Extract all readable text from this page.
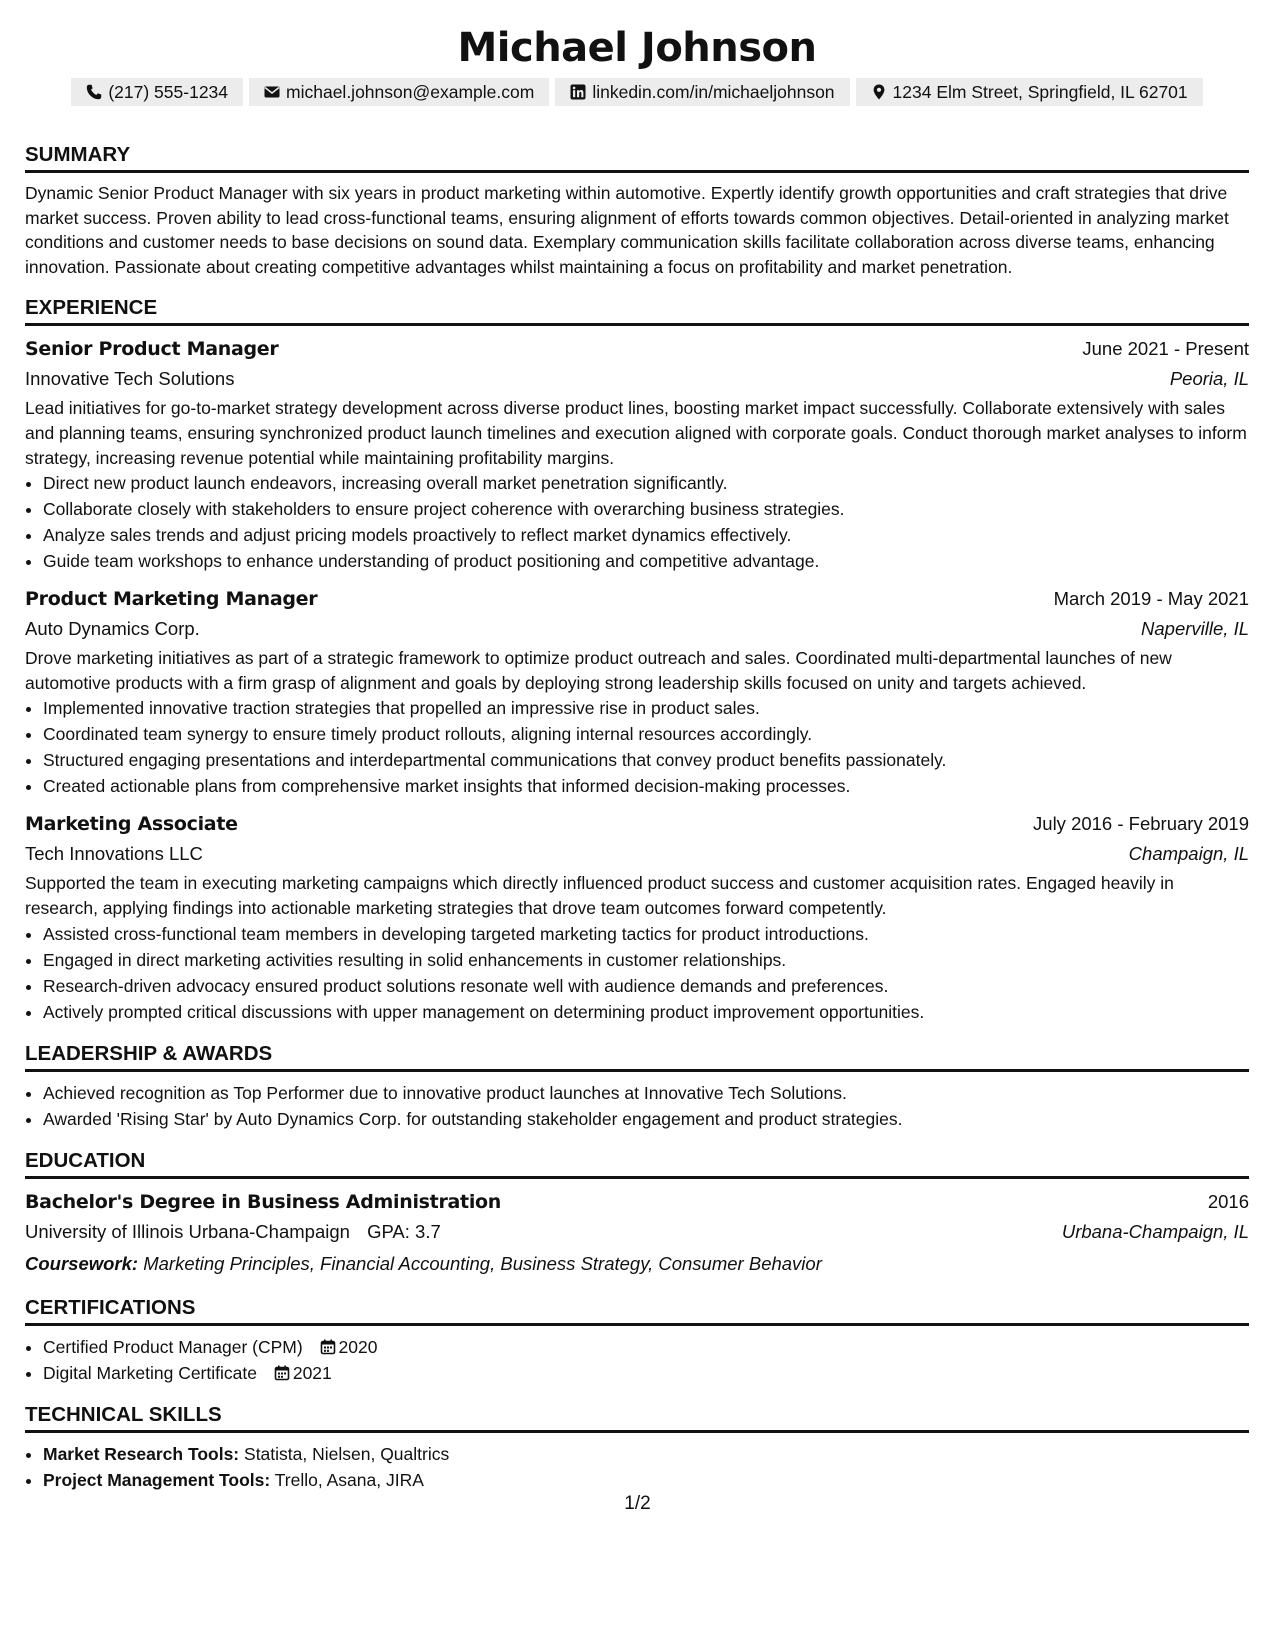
Michael Johnson
(217) 555-1234	michael.johnson@example.com	linkedin.com/in/michaeljohnson	1234 Elm Street, Springfield, IL 62701
SUMMARY

Dynamic Senior Product Manager with six years in product marketing within automotive. Expertly identify growth opportunities and craft strategies that drive market success. Proven ability to lead cross-functional teams, ensuring alignment of efforts towards common objectives. Detail-oriented in analyzing market conditions and customer needs to base decisions on sound data. Exemplary communication skills facilitate collaboration across diverse teams, enhancing innovation. Passionate about creating competitive advantages whilst maintaining a focus on profitability and market penetration.

EXPERIENCE
Senior Product Manager	June 2021 - Present
Innovative Tech Solutions	Peoria, IL

Lead initiatives for go-to-market strategy development across diverse product lines, boosting market impact successfully. Collaborate extensively with sales and planning teams, ensuring synchronized product launch timelines and execution aligned with corporate goals. Conduct thorough market analyses to inform strategy, increasing revenue potential while maintaining profitability margins.

• Direct new product launch endeavors, increasing overall market penetration significantly.
• Collaborate closely with stakeholders to ensure project coherence with overarching business strategies.
• Analyze sales trends and adjust pricing models proactively to reflect market dynamics effectively.
• Guide team workshops to enhance understanding of product positioning and competitive advantage.
Product Marketing Manager	March 2019 - May 2021
Auto Dynamics Corp.	Naperville, IL

Drove marketing initiatives as part of a strategic framework to optimize product outreach and sales. Coordinated multi-departmental launches of new automotive products with a firm grasp of alignment and goals by deploying strong leadership skills focused on unity and targets achieved.

• Implemented innovative traction strategies that propelled an impressive rise in product sales.
• Coordinated team synergy to ensure timely product rollouts, aligning internal resources accordingly.
• Structured engaging presentations and interdepartmental communications that convey product benefits passionately.
• Created actionable plans from comprehensive market insights that informed decision-making processes.
Marketing Associate	July 2016 - February 2019
Tech Innovations LLC	Champaign, IL

Supported the team in executing marketing campaigns which directly influenced product success and customer acquisition rates. Engaged heavily in research, applying findings into actionable marketing strategies that drove team outcomes forward competently.

• Assisted cross-functional team members in developing targeted marketing tactics for product introductions.
• Engaged in direct marketing activities resulting in solid enhancements in customer relationships.
• Research-driven advocacy ensured product solutions resonate well with audience demands and preferences.
• Actively prompted critical discussions with upper management on determining product improvement opportunities.
LEADERSHIP & AWARDS
• Achieved recognition as Top Performer due to innovative product launches at Innovative Tech Solutions.
• Awarded 'Rising Star' by Auto Dynamics Corp. for outstanding stakeholder engagement and product strategies.
EDUCATION
Bachelor's Degree in Business Administration	2016
University of Illinois Urbana-Champaign GPA: 3.7	Urbana-Champaign, IL
Coursework: Marketing Principles, Financial Accounting, Business Strategy, Consumer Behavior
CERTIFICATIONS
• Certified Product Manager (CPM) 2020
• Digital Marketing Certificate 2021
TECHNICAL SKILLS
• Market Research Tools: Statista, Nielsen, Qualtrics
• Project Management Tools: Trello, Asana, JIRA
1/2
